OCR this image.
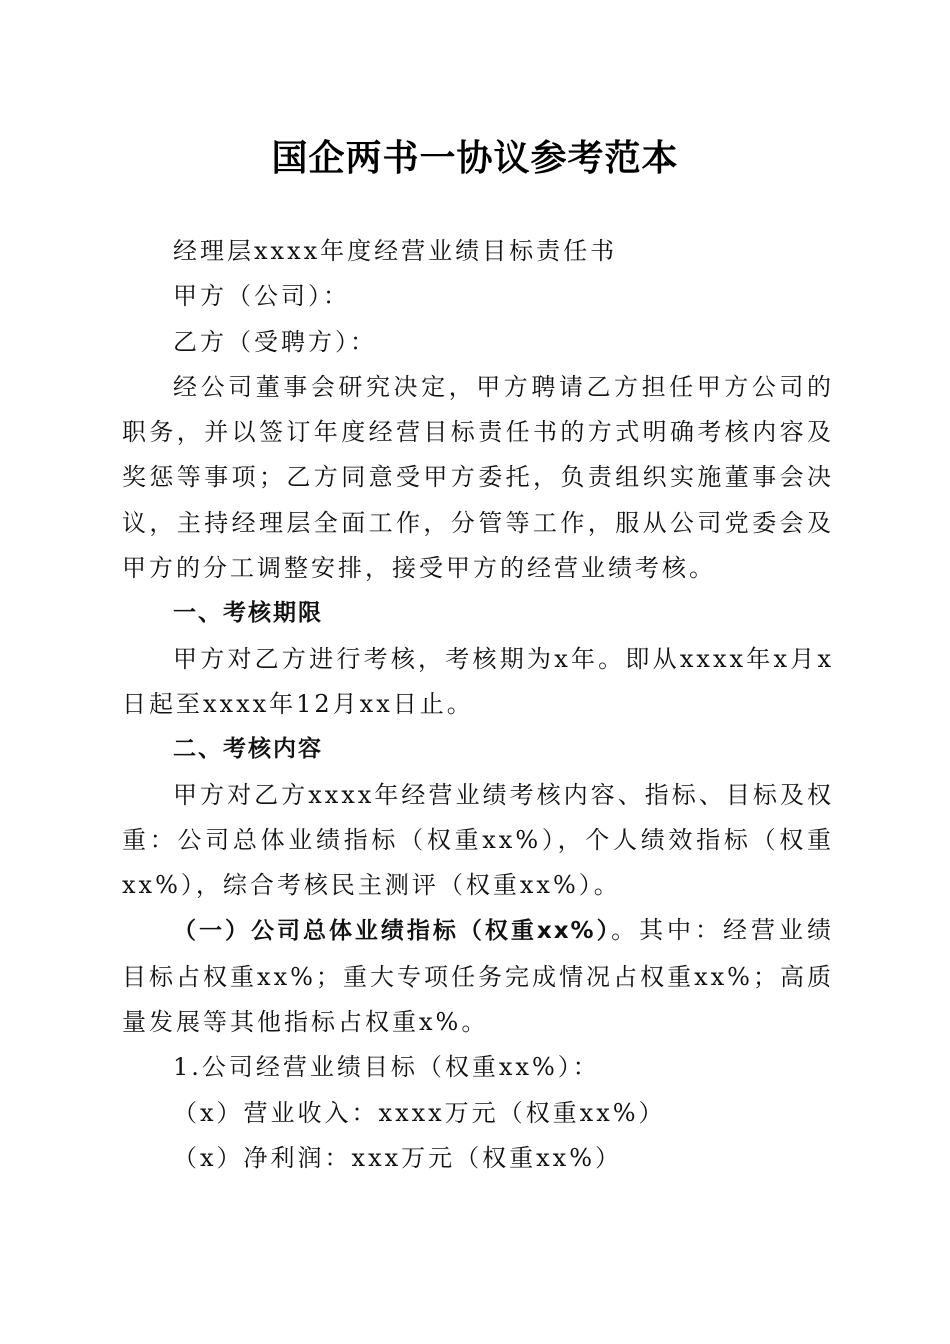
国企两书一协议参考范本

经理层xxxx年度经营业绩目标责任书

甲方（公司）：

乙方（受聘方）：

经公司董事会研究决定，甲方聘请乙方担任甲方公司的职务，并以签订年度经营目标责任书的方式明确考核内容及奖惩等事项；乙方同意受甲方委托，负责组织实施董事会决议，主持经理层全面工作，分管等工作，服从公司党委会及甲方的分工调整安排，接受甲方的经营业绩考核。

一、考核期限

甲方对乙方进行考核，考核期为x年。即从xxxx年x月x日起至xxxx年12月xx日止。

二、考核内容

甲方对乙方xxxx年经营业绩考核内容、指标、目标及权重：公司总体业绩指标（权重xx%），个人绩效指标（权重xx%），综合考核民主测评（权重xx%）。

（一）公司总体业绩指标（权重xx%）。其中：经营业绩目标占权重xx%；重大专项任务完成情况占权重xx%；高质量发展等其他指标占权重x%。

1.公司经营业绩目标（权重xx%）：

（x）营业收入：xxxx万元（权重xx%）

（x）净利润：xxx万元（权重xx%）
